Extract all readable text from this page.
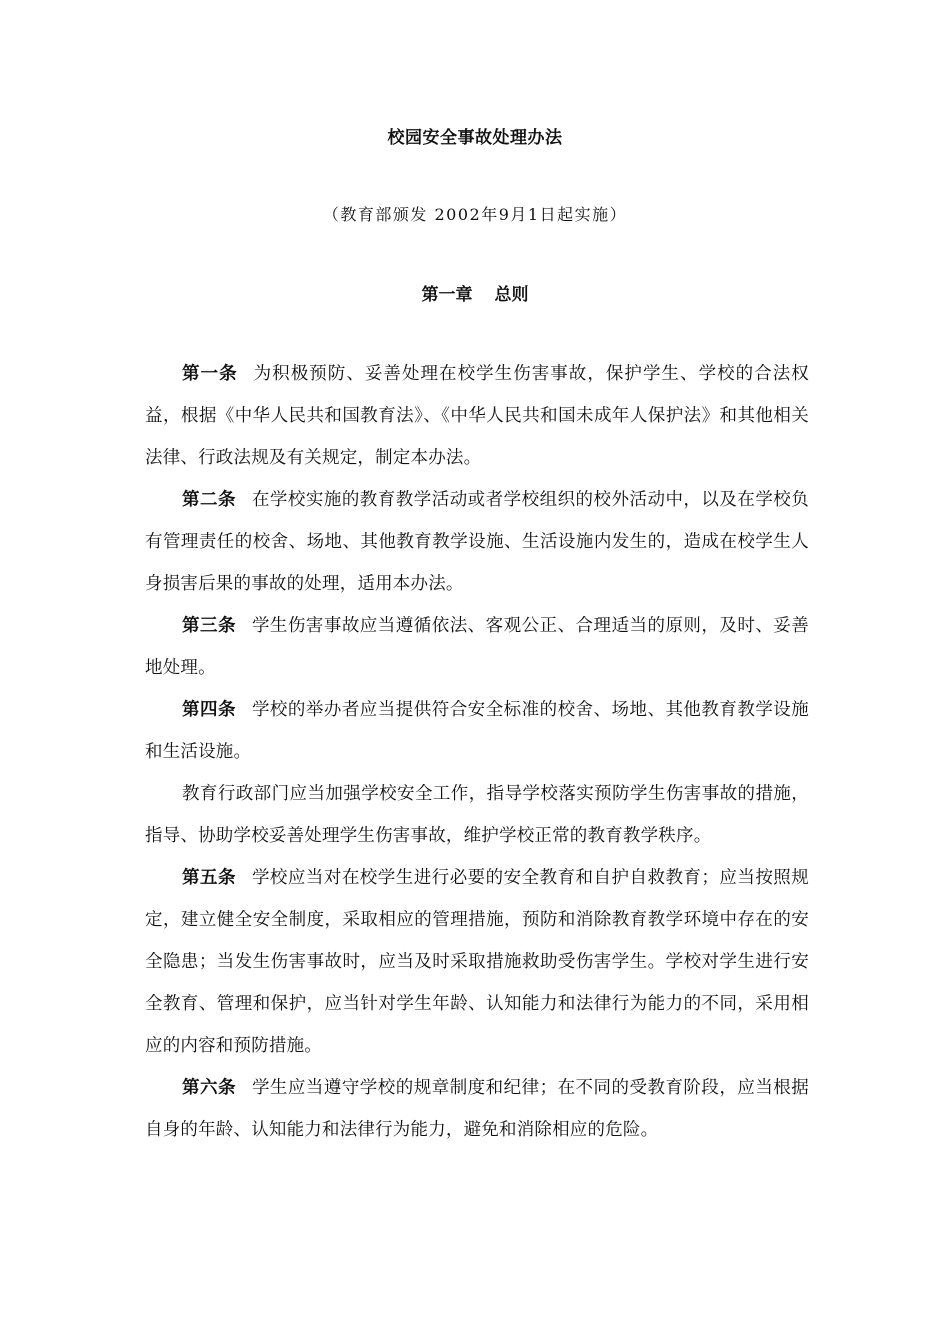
校园安全事故处理办法
（教育部颁发 2002年9月1日起实施）
第一章 总则

第一条 为积极预防、妥善处理在校学生伤害事故，保护学生、学校的合法权益，根据《中华人民共和国教育法》、《中华人民共和国未成年人保护法》和其他相关法律、行政法规及有关规定，制定本办法。

第二条 在学校实施的教育教学活动或者学校组织的校外活动中，以及在学校负有管理责任的校舍、场地、其他教育教学设施、生活设施内发生的，造成在校学生人身损害后果的事故的处理，适用本办法。

第三条 学生伤害事故应当遵循依法、客观公正、合理适当的原则，及时、妥善地处理。

第四条 学校的举办者应当提供符合安全标准的校舍、场地、其他教育教学设施和生活设施。

教育行政部门应当加强学校安全工作，指导学校落实预防学生伤害事故的措施，指导、协助学校妥善处理学生伤害事故，维护学校正常的教育教学秩序。

第五条 学校应当对在校学生进行必要的安全教育和自护自救教育；应当按照规定，建立健全安全制度，采取相应的管理措施，预防和消除教育教学环境中存在的安全隐患；当发生伤害事故时，应当及时采取措施救助受伤害学生。学校对学生进行安全教育、管理和保护，应当针对学生年龄、认知能力和法律行为能力的不同，采用相应的内容和预防措施。

第六条 学生应当遵守学校的规章制度和纪律；在不同的受教育阶段，应当根据自身的年龄、认知能力和法律行为能力，避免和消除相应的危险。
